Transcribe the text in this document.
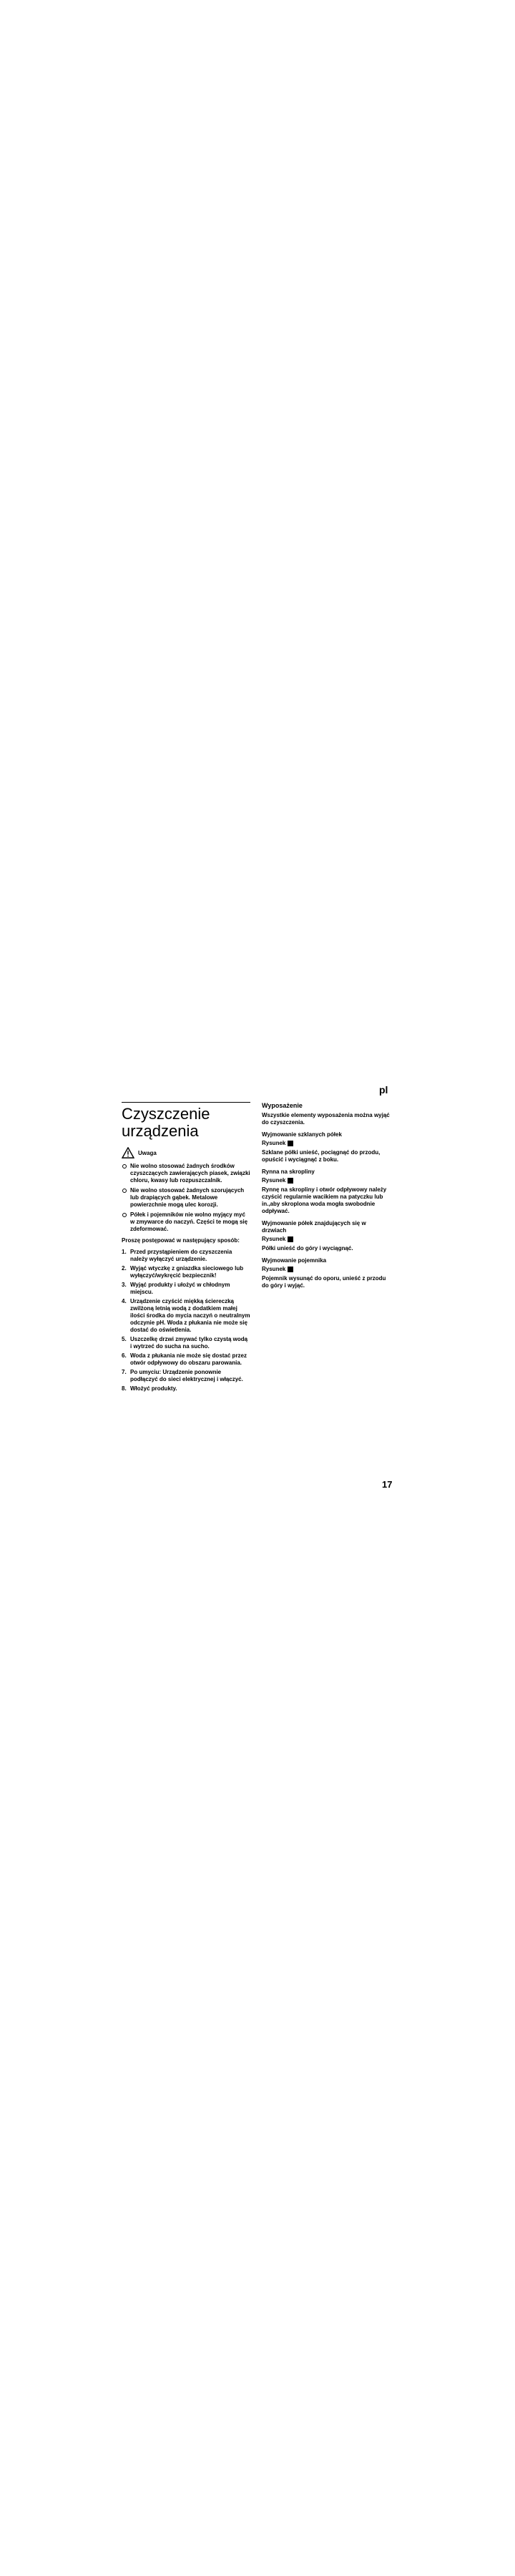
pl
Czyszczenie
urządzenia
Uwaga
Nie wolno stosować żadnych środków czyszczących zawierających piasek, związki chloru, kwasy lub rozpuszczalnik.
Nie wolno stosować żadnych szorujących lub drapiących gąbek. Metalowe powierzchnie mogą ulec korozji.
Półek i pojemników nie wolno myjący myć w zmywarce do naczyń. Części te mogą się zdeformować.

Proszę postępować w następujący sposób:

1. Przed przystąpieniem do czyszczenia należy wyłączyć urządzenie.
2. Wyjąć wtyczkę z gniazdka sieciowego lub wyłączyć/wykręcić bezpiecznik!
3. Wyjąć produkty i ułożyć w chłodnym miejscu.
4. Urządzenie czyścić miękką ściereczką zwilżoną letnią wodą z dodatkiem małej ilości środka do mycia naczyń o neutralnym odczynie pH. Woda z płukania nie może się dostać do oświetlenia.
5. Uszczelkę drzwi zmywać tylko czystą wodą i wytrzeć do sucha na sucho.
6. Woda z płukania nie może się dostać przez otwór odpływowy do obszaru parowania.
7. Po umyciu: Urządzenie ponownie podłączyć do sieci elektrycznej i włączyć.
8. Włożyć produkty.
Wyposażenie

Wszystkie elementy wyposażenia można wyjąć do czyszczenia.

Wyjmowanie szklanych półek
Rysunek

Szklane półki unieść, pociągnąć do przodu, opuścić i wyciągnąć z boku.

Rynna na skropliny
Rysunek

Rynnę na skropliny i otwór odpływowy należy czyścić regularnie wacikiem na patyczku lub in.,aby skroplona woda mogła swobodnie odpływać.

Wyjmowanie półek znajdujących się w drzwiach
Rysunek

Półki unieść do góry i wyciągnąć.

Wyjmowanie pojemnika
Rysunek

Pojemnik wysunąć do oporu, unieść z przodu do góry i wyjąć.

17
